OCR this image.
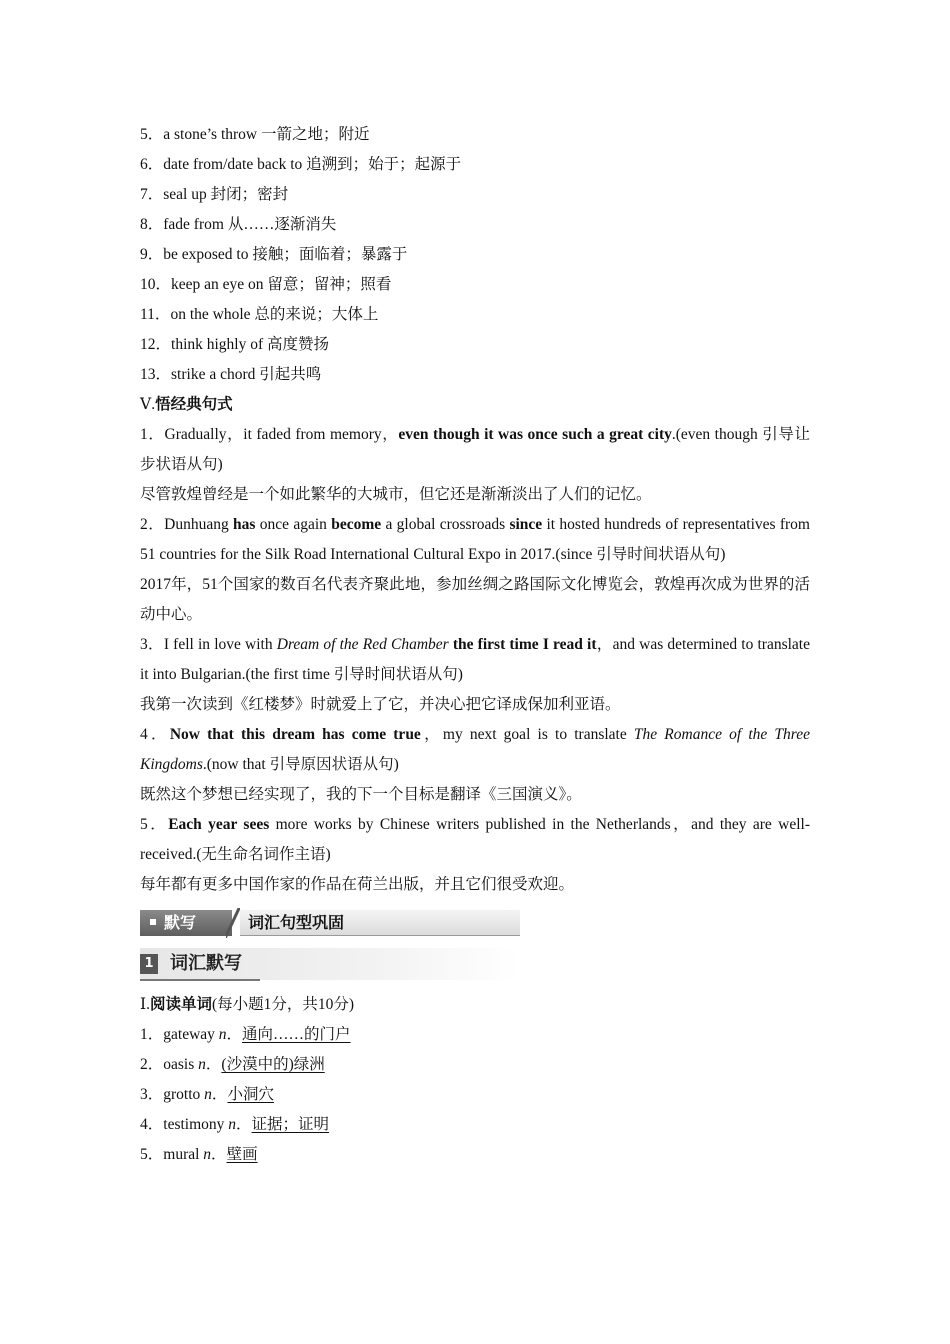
5．a stone’s throw 一箭之地；附近
6．date from/date back to 追溯到；始于；起源于
7．seal up 封闭；密封
8．fade from 从……逐渐消失
9．be exposed to 接触；面临着；暴露于
10．keep an eye on 留意；留神；照看
11．on the whole 总的来说；大体上
12．think highly of 高度赞扬
13．strike a chord 引起共鸣
Ⅴ.悟经典句式
1．Gradually，it faded from memory，even though it was once such a great city.(even though 引导让步状语从句)
尽管敦煌曾经是一个如此繁华的大城市，但它还是渐渐淡出了人们的记忆。
2．Dunhuang has once again become a global crossroads since it hosted hundreds of representatives from 51 countries for the Silk Road International Cultural Expo in 2017.(since 引导时间状语从句)
2017年，51个国家的数百名代表齐聚此地，参加丝绸之路国际文化博览会，敦煌再次成为世界的活动中心。
3．I fell in love with Dream of the Red Chamber the first time I read it，and was determined to translate it into Bulgarian.(the first time 引导时间状语从句)
我第一次读到《红楼梦》时就爱上了它，并决心把它译成保加利亚语。
4．Now that this dream has come true，my next goal is to translate The Romance of the Three Kingdoms.(now that 引导原因状语从句)
既然这个梦想已经实现了，我的下一个目标是翻译《三国演义》。
5．Each year sees more works by Chinese writers published in the Netherlands，and they are well-received.(无生命名词作主语)
每年都有更多中国作家的作品在荷兰出版，并且它们很受欢迎。
默写	词汇句型巩固
1 词汇默写
Ⅰ.阅读单词(每小题1分，共10分)
1．gateway n．通向……的门户
2．oasis n．(沙漠中的)绿洲
3．grotto n．小洞穴
4．testimony n．证据；证明
5．mural n．壁画
